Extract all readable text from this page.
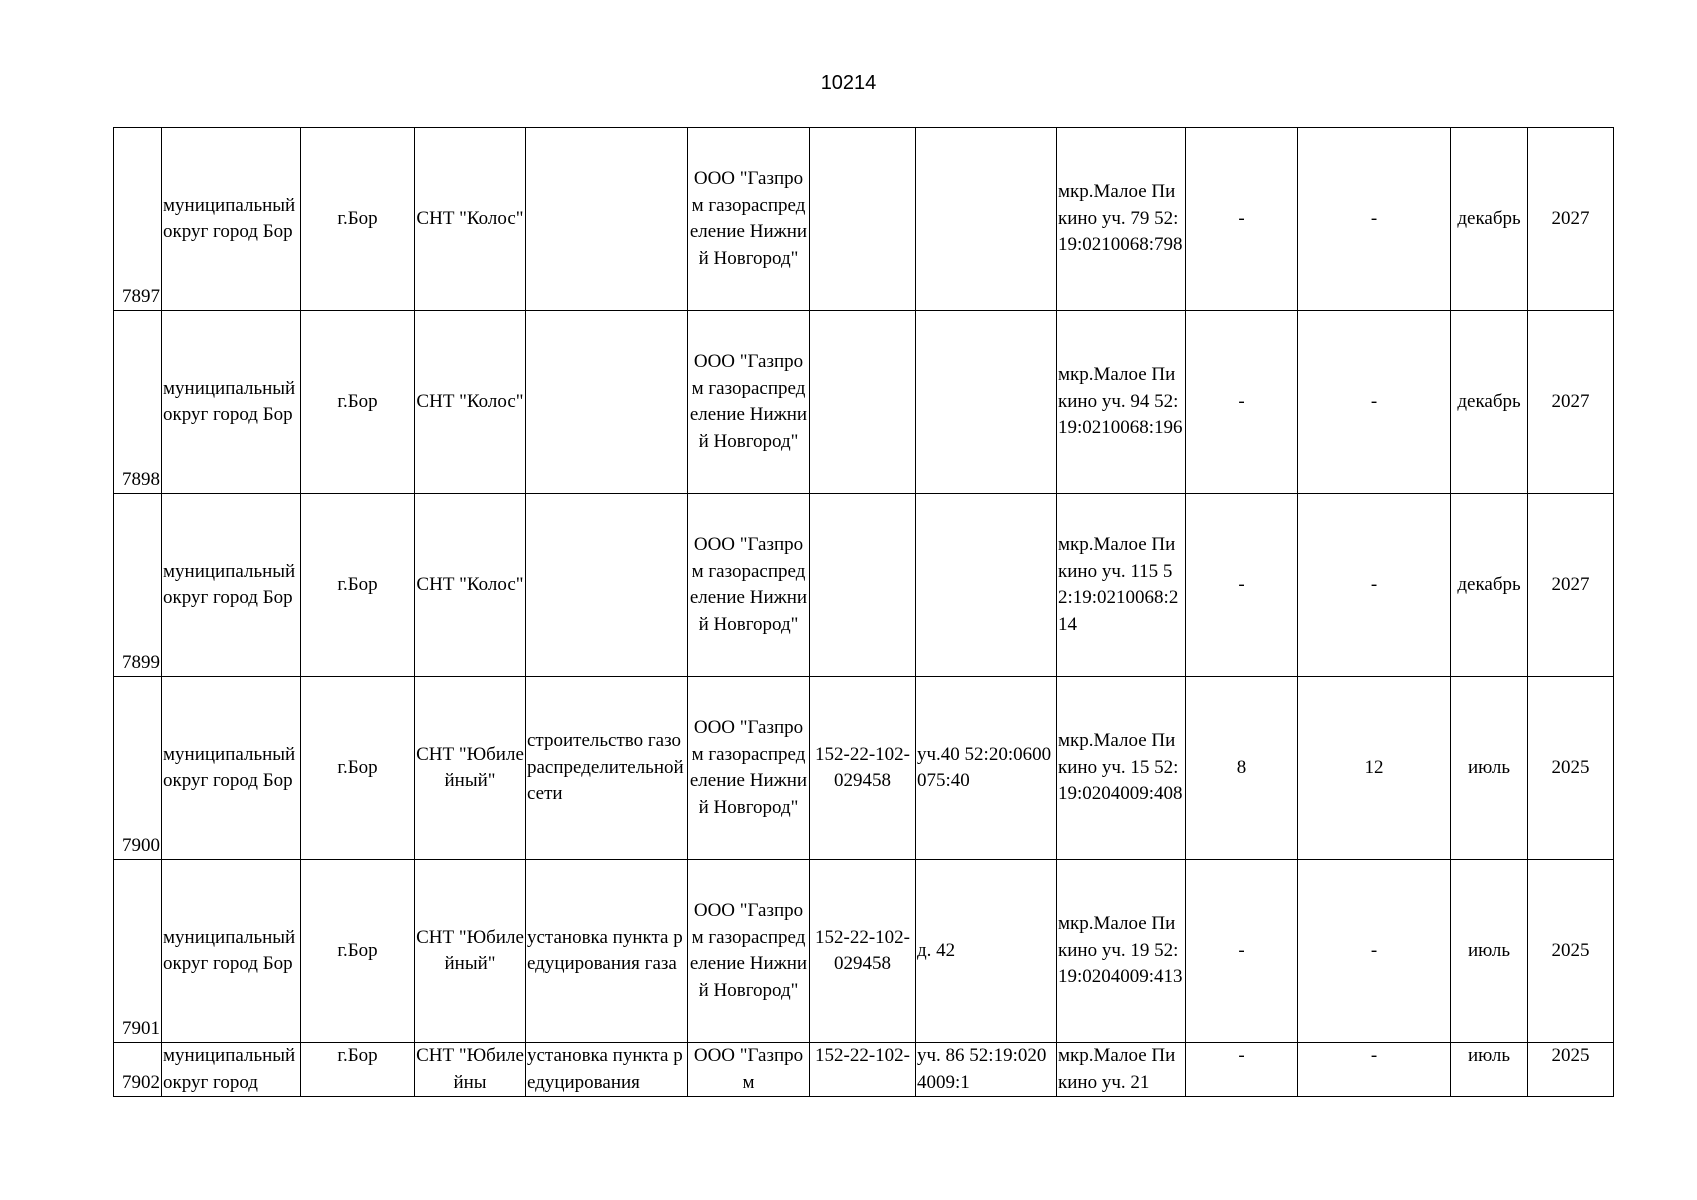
10214
7897	муниципальный округ город Бор	г.Бор	СНТ "Колос"		ООО "Газпром газораспределение Нижний Новгород"			мкр.Малое Пикино уч. 79 52:19:0210068:798	-	-	декабрь	2027
7898	муниципальный округ город Бор	г.Бор	СНТ "Колос"		ООО "Газпром газораспределение Нижний Новгород"			мкр.Малое Пикино уч. 94 52:19:0210068:196	-	-	декабрь	2027
7899	муниципальный округ город Бор	г.Бор	СНТ "Колос"		ООО "Газпром газораспределение Нижний Новгород"			мкр.Малое Пикино уч. 115 52:19:0210068:214	-	-	декабрь	2027
7900	муниципальный округ город Бор	г.Бор	СНТ "Юбилейный"	строительство газораспределительной сети	ООО "Газпром газораспределение Нижний Новгород"	152-22-102-029458	уч.40 52:20:0600075:40	мкр.Малое Пикино уч. 15 52:19:0204009:408	8	12	июль	2025
7901	муниципальный округ город Бор	г.Бор	СНТ "Юбилейный"	установка пункта редуцирования газа	ООО "Газпром газораспределение Нижний Новгород"	152-22-102-029458	д. 42	мкр.Малое Пикино уч. 19 52:19:0204009:413	-	-	июль	2025
7902	муниципальный округ город	г.Бор	СНТ "Юбилейны	установка пункта редуцирования	ООО "Газпром	152-22-102-	уч. 86 52:19:0204009:1	мкр.Малое Пикино уч. 21	-	-	июль	2025
